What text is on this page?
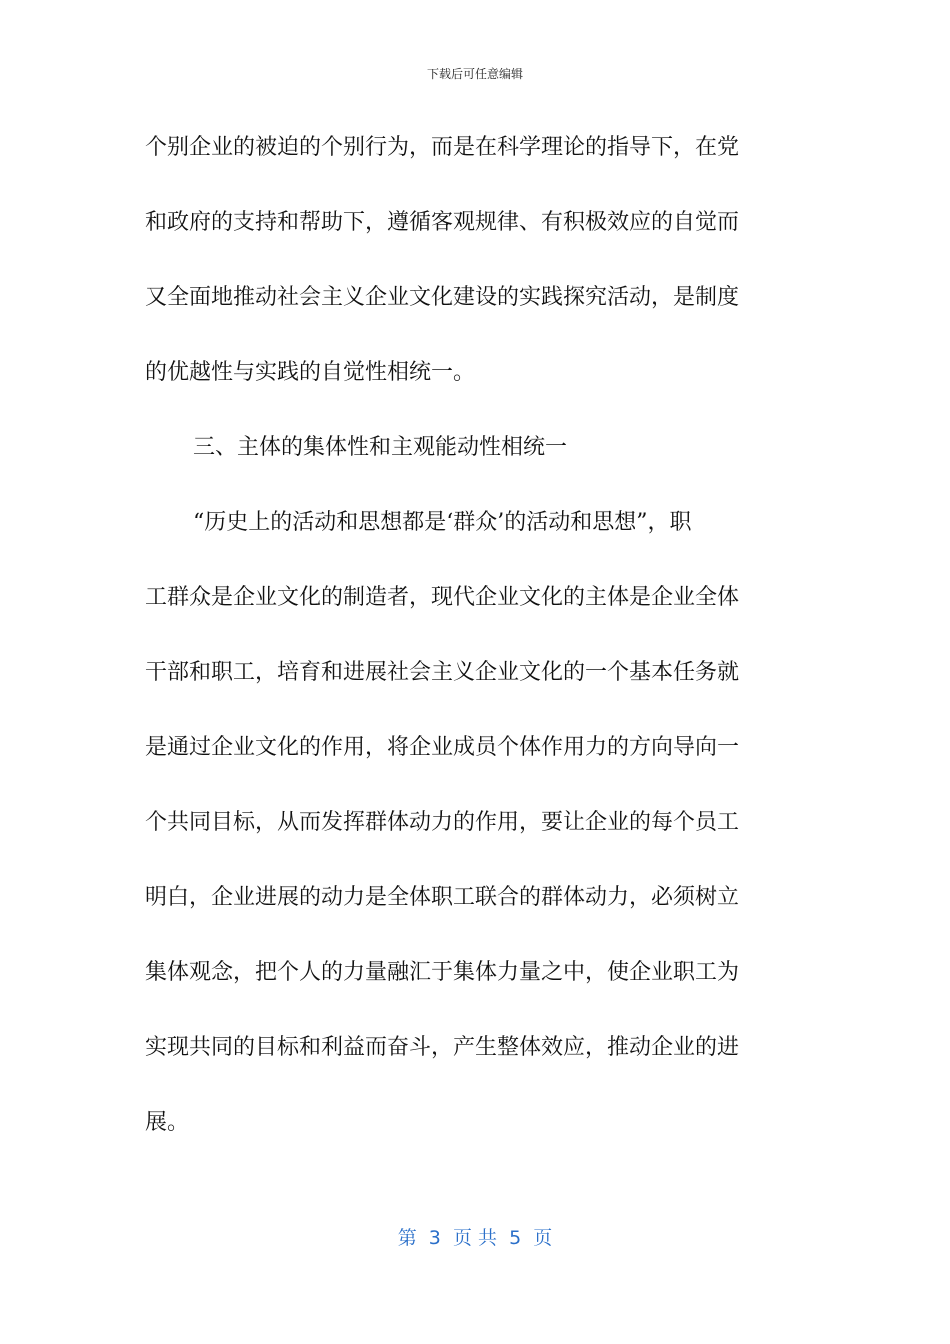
下载后可任意编辑
个别企业的被迫的个别行为，而是在科学理论的指导下，在党
和政府的支持和帮助下，遵循客观规律、有积极效应的自觉而
又全面地推动社会主义企业文化建设的实践探究活动，是制度
的优越性与实践的自觉性相统一。
三、主体的集体性和主观能动性相统一
“历史上的活动和思想都是‘群众’的活动和思想”，职
工群众是企业文化的制造者，现代企业文化的主体是企业全体
干部和职工，培育和进展社会主义企业文化的一个基本任务就
是通过企业文化的作用，将企业成员个体作用力的方向导向一
个共同目标，从而发挥群体动力的作用，要让企业的每个员工
明白，企业进展的动力是全体职工联合的群体动力，必须树立
集体观念，把个人的力量融汇于集体力量之中，使企业职工为
实现共同的目标和利益而奋斗，产生整体效应，推动企业的进
展。
第  3  页 共  5  页
